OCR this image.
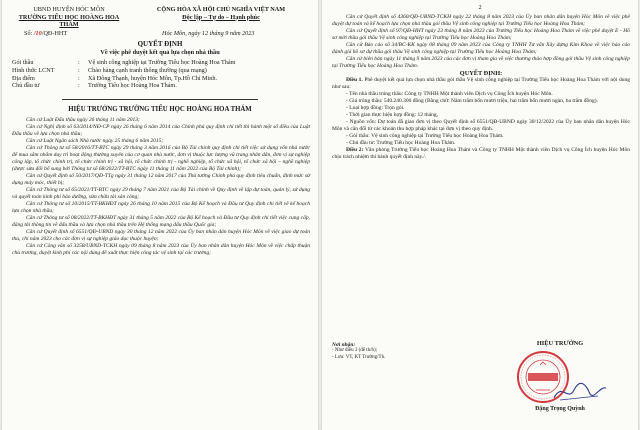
UBND HUYỆN HÓC MÔN
TRƯỜNG TIỂU HỌC HOÀNG HOA THÁM
CỘNG HÒA XÃ HỘI CHỦ NGHĨA VIỆT NAM
Độc lập – Tự do – Hạnh phúc
Số: /10/QĐ-HHT	Hóc Môn, ngày 12 tháng 9 năm 2023
QUYẾT ĐỊNH
Về việc phê duyệt kết quả lựa chọn nhà thầu
Gói thầu	:	Vệ sinh công nghiệp tại Trường Tiểu học Hoàng Hoa Thám
Hình thức LCNT	:	Chào hàng cạnh tranh thông thường (qua mạng)
Địa điểm	:	Xã Đông Thạnh, huyện Hóc Môn, Tp.Hồ Chí Minh.
Chủ đầu tư	:	Trường Tiểu học Hoàng Hoa Thám.
HIỆU TRƯỞNG TRƯỜNG TIỂU HỌC HOÀNG HOA THÁM

Căn cứ Luật Đấu thầu ngày 26 tháng 11 năm 2013;

Căn cứ Nghị định số 63/2014/NĐ-CP ngày 26 tháng 6 năm 2014 của Chính phủ quy định chi tiết thi hành một số điều của Luật Đấu thầu về lựa chọn nhà thầu;

Căn cứ Luật Ngân sách Nhà nước ngày 25 tháng 6 năm 2015;

Căn cứ Thông tư số 58/2016/TT-BTC ngày 29 tháng 3 năm 2016 của Bộ Tài chính quy định chi tiết việc sử dụng vốn nhà nước để mua sắm nhằm duy trì hoạt động thường xuyên của cơ quan nhà nước, đơn vị thuộc lực lượng vũ trang nhân dân, đơn vị sự nghiệp công lập, tổ chức chính trị, tổ chức chính trị - xã hội, tổ chức chính trị - nghề nghiệp, tổ chức xã hội, tổ chức xã hội – nghề nghiệp (được sửa đổi bổ sung bởi Thông tư số 68/2022/TT-BTC ngày 11 tháng 11 năm 2022 của Bộ Tài chính);

Căn cứ Quyết định số 50/2017/QĐ-TTg ngày 31 tháng 12 năm 2017 của Thủ tướng Chính phủ quy định tiêu chuẩn, định mức sử dụng máy móc, thiết bị;

Căn cứ Thông tư số 65/2021/TT-BTC ngày 29 tháng 7 năm 2021 của Bộ Tài chính về Quy định về lập dự toán, quản lý, sử dụng và quyết toán kinh phí bảo dưỡng, sửa chữa tài sản công;

Căn cứ Thông tư số 10/2015/TT-BKHĐT ngày 26 tháng 10 năm 2015 của Bộ Kế hoạch và Đầu tư Quy định chi tiết về kế hoạch lựa chọn nhà thầu;

Căn cứ Thông tư số 08/2022/TT-BKHĐT ngày 31 tháng 5 năm 2022 của Bộ Kế hoạch và Đầu tư Quy định chi tiết việc cung cấp, đăng tải thông tin về đấu thầu và lựa chọn nhà thầu trên Hệ thống mạng đấu thầu Quốc gia;

Căn cứ Quyết định số 6551/QĐ-UBND ngày 30 tháng 12 năm 2022 của Ủy ban nhân dân huyện Hóc Môn về việc giao dự toán thu, chi năm 2023 cho các đơn vị sự nghiệp giáo dục thuộc huyện;

Căn cứ Công văn số 3258/UBND-TCKH ngày 09 tháng 8 năm 2023 của Ủy ban nhân dân huyện Hóc Môn về việc chấp thuận chủ trương, duyệt kinh phí các nội dung đề xuất thực hiện công tác vệ sinh tại các trường;

2

Căn cứ Quyết định số 4360/QĐ-UBND-TCKH ngày 22 tháng 8 năm 2023 của Ủy ban nhân dân huyện Hóc Môn về việc phê duyệt dự toán và kế hoạch lựa chọn nhà thầu gói thầu Vệ sinh công nghiệp tại Trường Tiểu học Hoàng Hoa Thám;

Căn cứ Quyết định số 97/QĐ-HHT ngày 23 tháng 8 năm 2023 của Trường Tiểu học Hoàng Hoa Thám về việc phê duyệt E - Hồ sơ mời thầu gói thầu Vệ sinh công nghiệp tại Trường Tiểu học Hoàng Hoa Thám;

Căn cứ Báo cáo số 34/BC-KK ngày 08 tháng 09 năm 2023 của Công ty TNHH Tư vấn Xây dựng Kim Khoa về việc báo cáo đánh giá hồ sơ dự thầu gói thầu Vệ sinh công nghiệp tại Trường Tiểu học Hoàng Hoa Thám;

Căn cứ biên bản ngày 11 tháng 9 năm 2023 của các đơn vị tham gia về việc thương thảo hợp đồng gói thầu Vệ sinh công nghiệp tại Trường Tiểu học Hoàng Hoa Thám.

QUYẾT ĐỊNH:

Điều 1. Phê duyệt kết quả lựa chọn nhà thầu gói thầu Vệ sinh công nghiệp tại Trường Tiểu học Hoàng Hoa Thám với nội dung như sau:

- Tên nhà thầu trúng thầu: Công ty TNHH Một thành viên Dịch vụ Công Ích huyện Hóc Môn.

- Giá trúng thầu: 540.240.300 đồng (Bằng chữ: Năm trăm bốn mươi triệu, hai trăm bốn mươi ngàn, ba trăm đồng).

- Loại hợp đồng: Trọn gói.

- Thời gian thực hiện hợp đồng: 12 tháng,

- Nguồn vốn: Dự toán đã giao đơn vị theo Quyết định số 6551/QĐ-UBND ngày 30/12/2022 của Ủy ban nhân dân huyện Hóc Môn và căn đối từ các khoản thu hợp pháp khác tại đơn vị theo quy định.

- Gói thầu: Vệ sinh công nghiệp tại Trường Tiểu học Hoàng Hoa Thám.

- Chủ đầu tư: Trường Tiểu học Hoàng Hoa Thám.

Điều 2: Văn phòng Trường Tiểu học Hoàng Hoa Thám và Công ty TNHH Một thành viên Dịch vụ Công Ích huyện Hóc Môn chịu trách nhiệm thi hành quyết định này./.

Nơi nhận:
- Như điều 3 (để th/h);
- Lưu: VT, KT Trường/Th.
HIỆU TRƯỞNG
Đặng Trọng Quỳnh
